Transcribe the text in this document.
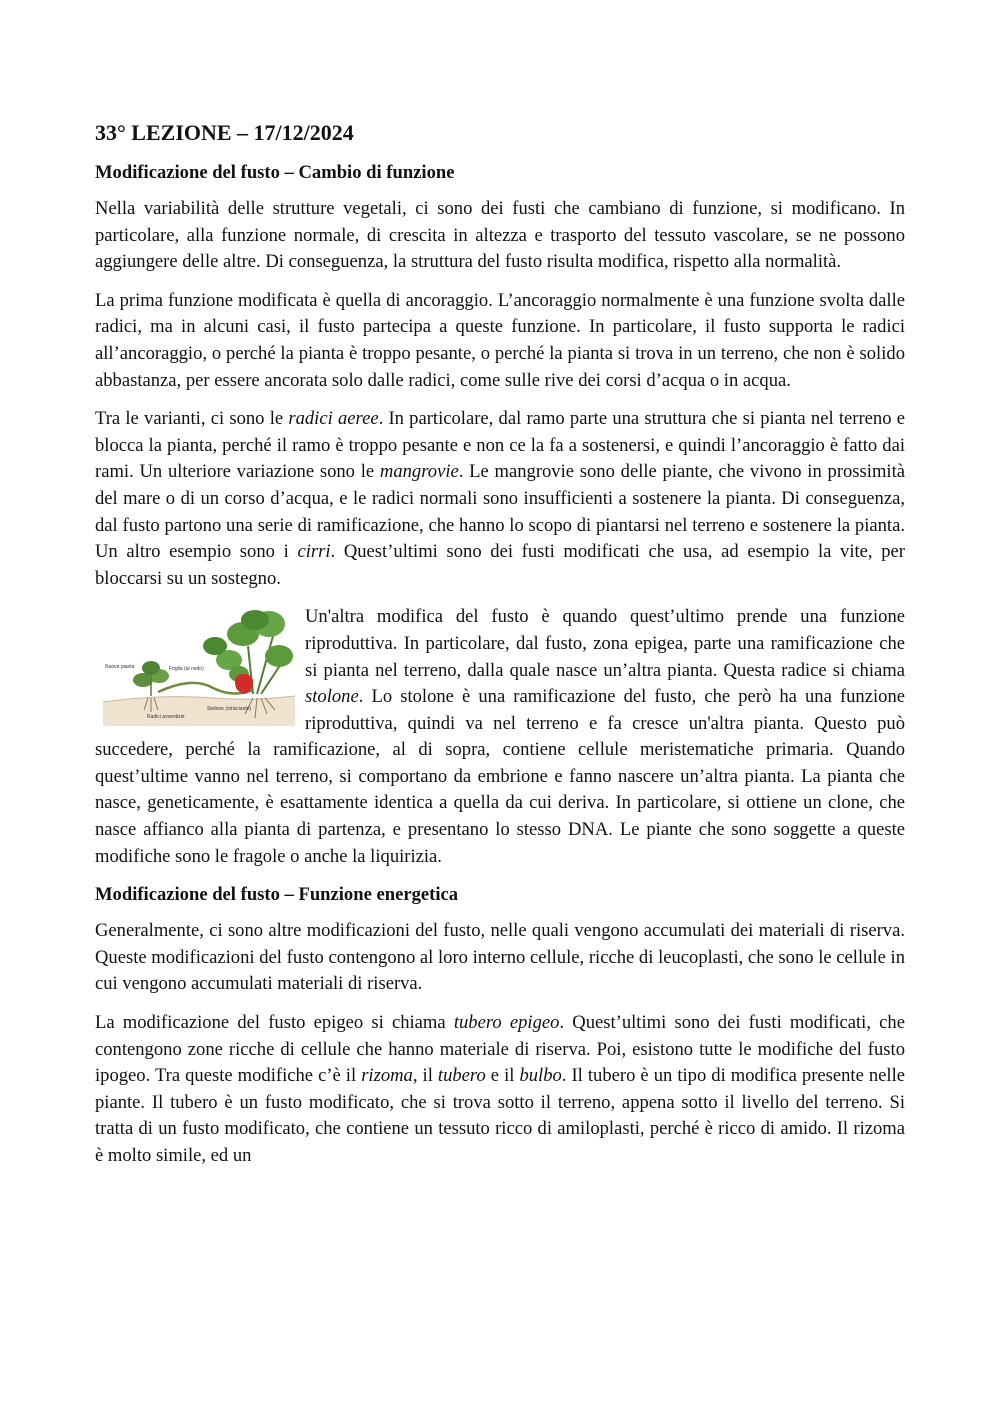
33° LEZIONE – 17/12/2024
Modificazione del fusto – Cambio di funzione

Nella variabilità delle strutture vegetali, ci sono dei fusti che cambiano di funzione, si modificano. In particolare, alla funzione normale, di crescita in altezza e trasporto del tessuto vascolare, se ne possono aggiungere delle altre. Di conseguenza, la struttura del fusto risulta modifica, rispetto alla normalità.

La prima funzione modificata è quella di ancoraggio. L’ancoraggio normalmente è una funzione svolta dalle radici, ma in alcuni casi, il fusto partecipa a queste funzione. In particolare, il fusto supporta le radici all’ancoraggio, o perché la pianta è troppo pesante, o perché la pianta si trova in un terreno, che non è solido abbastanza, per essere ancorata solo dalle radici, come sulle rive dei corsi d’acqua o in acqua.

Tra le varianti, ci sono le radici aeree. In particolare, dal ramo parte una struttura che si pianta nel terreno e blocca la pianta, perché il ramo è troppo pesante e non ce la fa a sostenersi, e quindi l’ancoraggio è fatto dai rami. Un ulteriore variazione sono le mangrovie. Le mangrovie sono delle piante, che vivono in prossimità del mare o di un corso d’acqua, e le radici normali sono insufficienti a sostenere la pianta. Di conseguenza, dal fusto partono una serie di ramificazione, che hanno lo scopo di piantarsi nel terreno e sostenere la pianta. Un altro esempio sono i cirri. Quest’ultimi sono dei fusti modificati che usa, ad esempio la vite, per bloccarsi su un sostegno.

Nuova pianta	Foglia (al nodo)
Stolone (strisciante)
Radici avventizie
Un'altra modifica del fusto è quando quest’ultimo prende una funzione riproduttiva. In particolare, dal fusto, zona epigea, parte una ramificazione che si pianta nel terreno, dalla quale nasce un’altra pianta. Questa radice si chiama stolone. Lo stolone è una ramificazione del fusto, che però ha una funzione riproduttiva, quindi va nel terreno e fa cresce un'altra pianta. Questo può succedere, perché la ramificazione, al di sopra, contiene cellule meristematiche primaria. Quando quest’ultime vanno nel terreno, si comportano da embrione e fanno nascere un’altra pianta. La pianta che nasce, geneticamente, è esattamente identica a quella da cui deriva. In particolare, si ottiene un clone, che nasce affianco alla pianta di partenza, e presentano lo stesso DNA. Le piante che sono soggette a queste modifiche sono le fragole o anche la liquirizia.

Modificazione del fusto – Funzione energetica

Generalmente, ci sono altre modificazioni del fusto, nelle quali vengono accumulati dei materiali di riserva. Queste modificazioni del fusto contengono al loro interno cellule, ricche di leucoplasti, che sono le cellule in cui vengono accumulati materiali di riserva.

La modificazione del fusto epigeo si chiama tubero epigeo. Quest’ultimi sono dei fusti modificati, che contengono zone ricche di cellule che hanno materiale di riserva. Poi, esistono tutte le modifiche del fusto ipogeo. Tra queste modifiche c’è il rizoma, il tubero e il bulbo. Il tubero è un tipo di modifica presente nelle piante. Il tubero è un fusto modificato, che si trova sotto il terreno, appena sotto il livello del terreno. Si tratta di un fusto modificato, che contiene un tessuto ricco di amiloplasti, perché è ricco di amido. Il rizoma è molto simile, ed un
